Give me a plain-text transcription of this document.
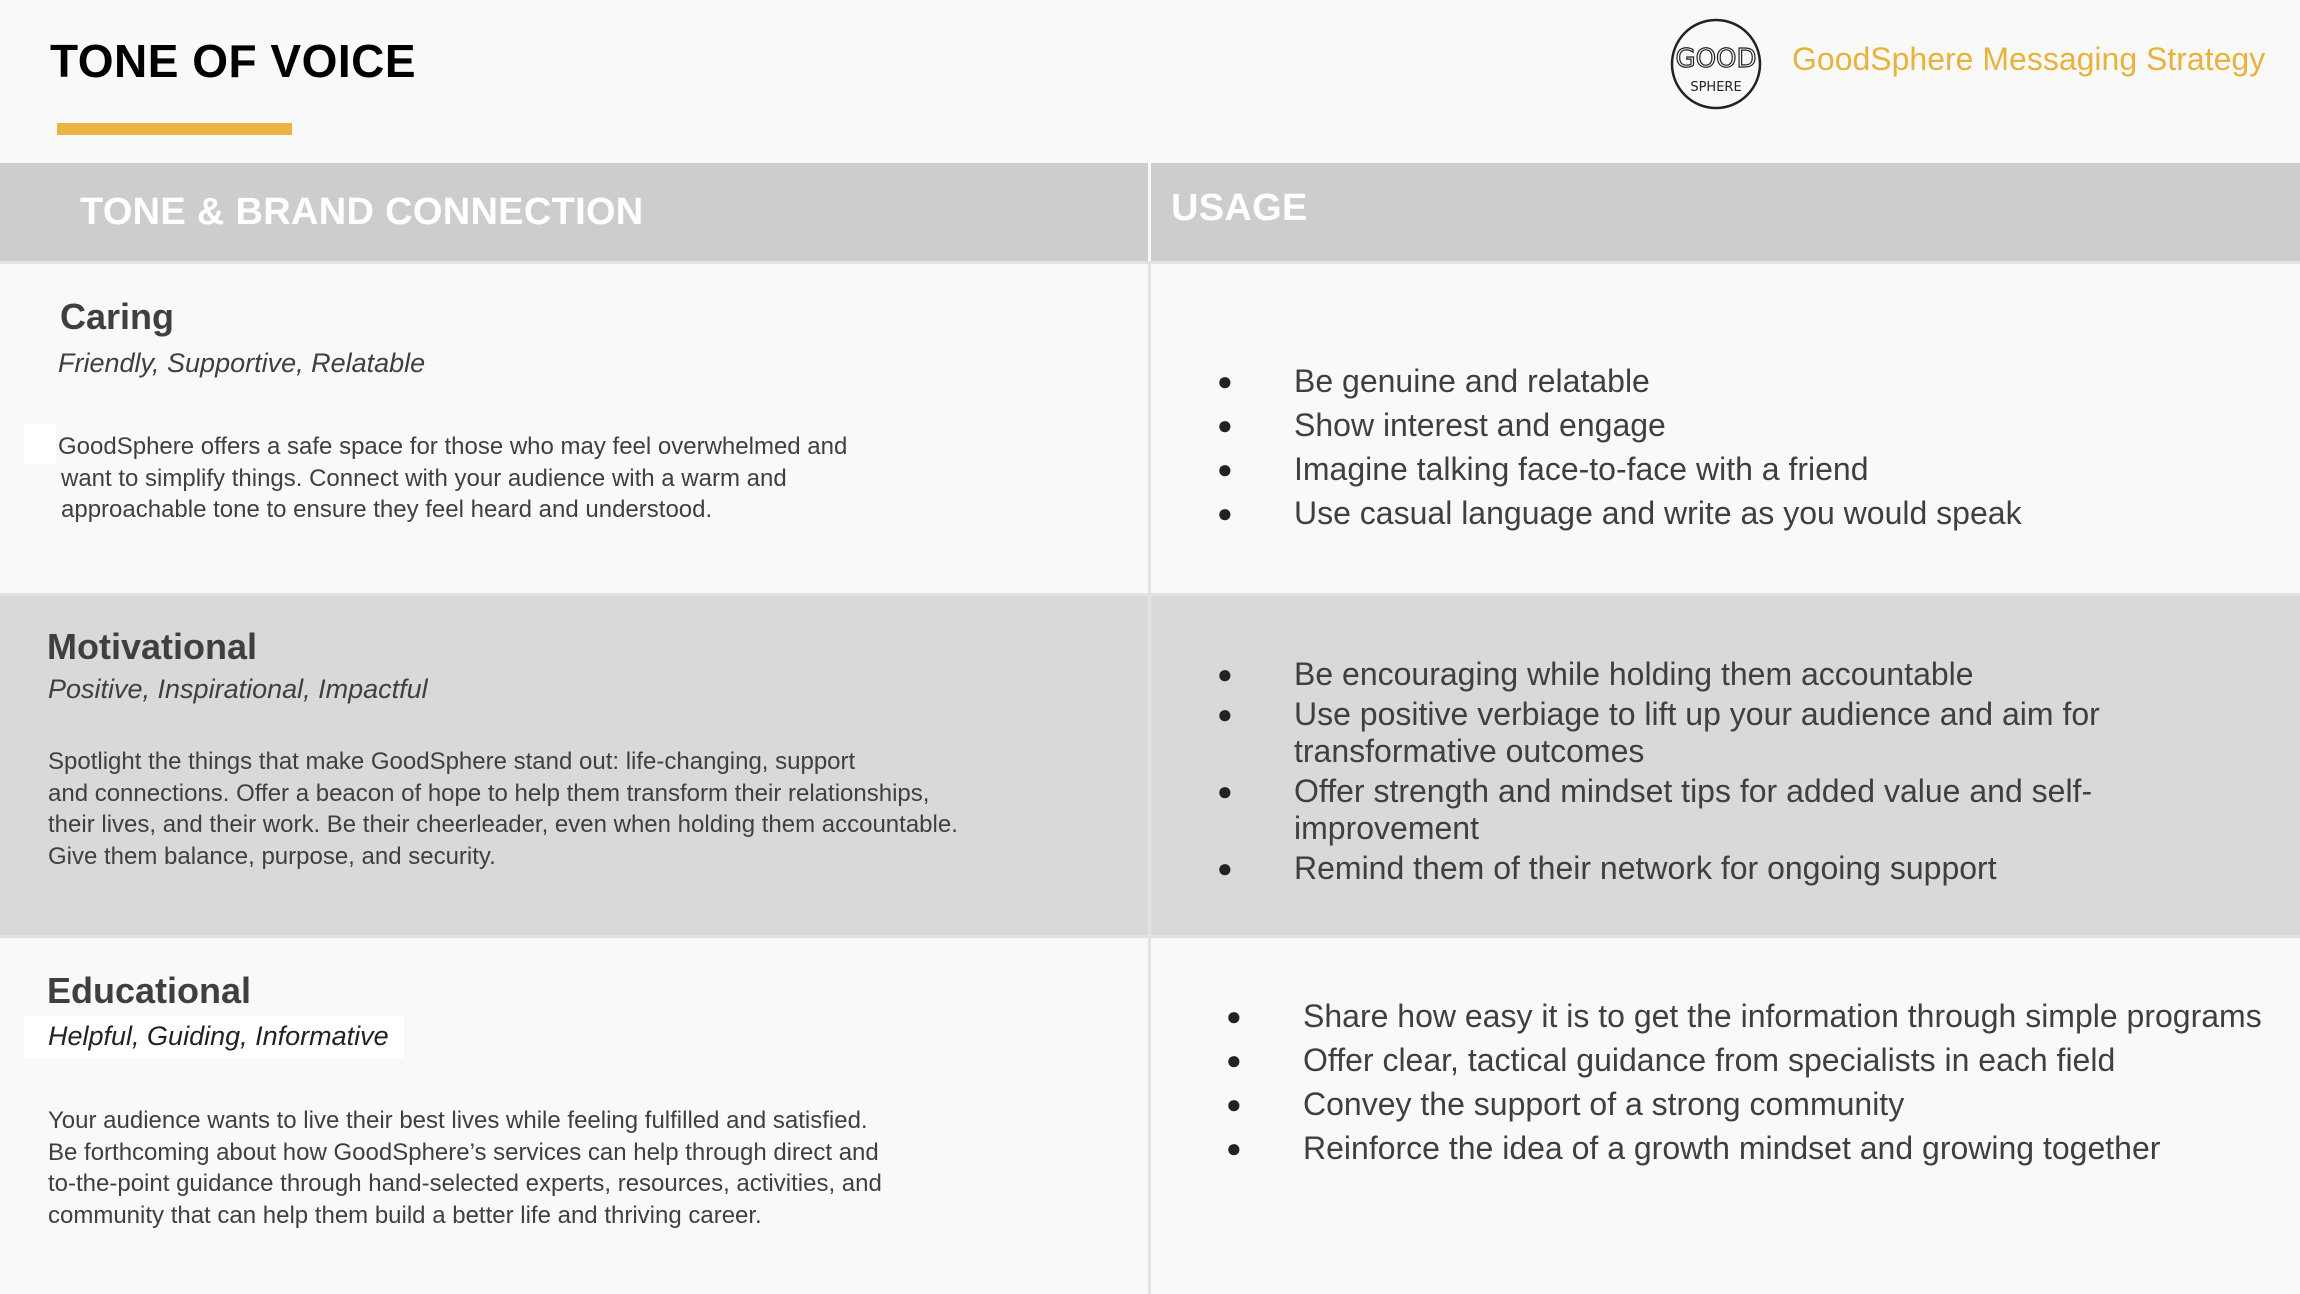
TONE OF VOICE	GOOD
SPHERE
GoodSphere Messaging Strategy
TONE & BRAND CONNECTION	USAGE
Caring
Friendly, Supportive, Relatable
GoodSphere offers a safe space for those who may feel overwhelmed and
want to simplify things. Connect with your audience with a warm and
approachable tone to ensure they feel heard and understood.
● Be genuine and relatable
● Show interest and engage
● Imagine talking face-to-face with a friend
● Use casual language and write as you would speak
Motivational
Positive, Inspirational, Impactful
Spotlight the things that make GoodSphere stand out: life-changing, support
and connections. Offer a beacon of hope to help them transform their relationships,
their lives, and their work. Be their cheerleader, even when holding them accountable.
Give them balance, purpose, and security.
● Be encouraging while holding them accountable
● Use positive verbiage to lift up your audience and aim for transformative outcomes
● Offer strength and mindset tips for added value and self-improvement
● Remind them of their network for ongoing support
Educational
Helpful, Guiding, Informative
Your audience wants to live their best lives while feeling fulfilled and satisfied.
Be forthcoming about how GoodSphere’s services can help through direct and
to-the-point guidance through hand-selected experts, resources, activities, and
community that can help them build a better life and thriving career.
● Share how easy it is to get the information through simple programs
● Offer clear, tactical guidance from specialists in each field
● Convey the support of a strong community
● Reinforce the idea of a growth mindset and growing together
